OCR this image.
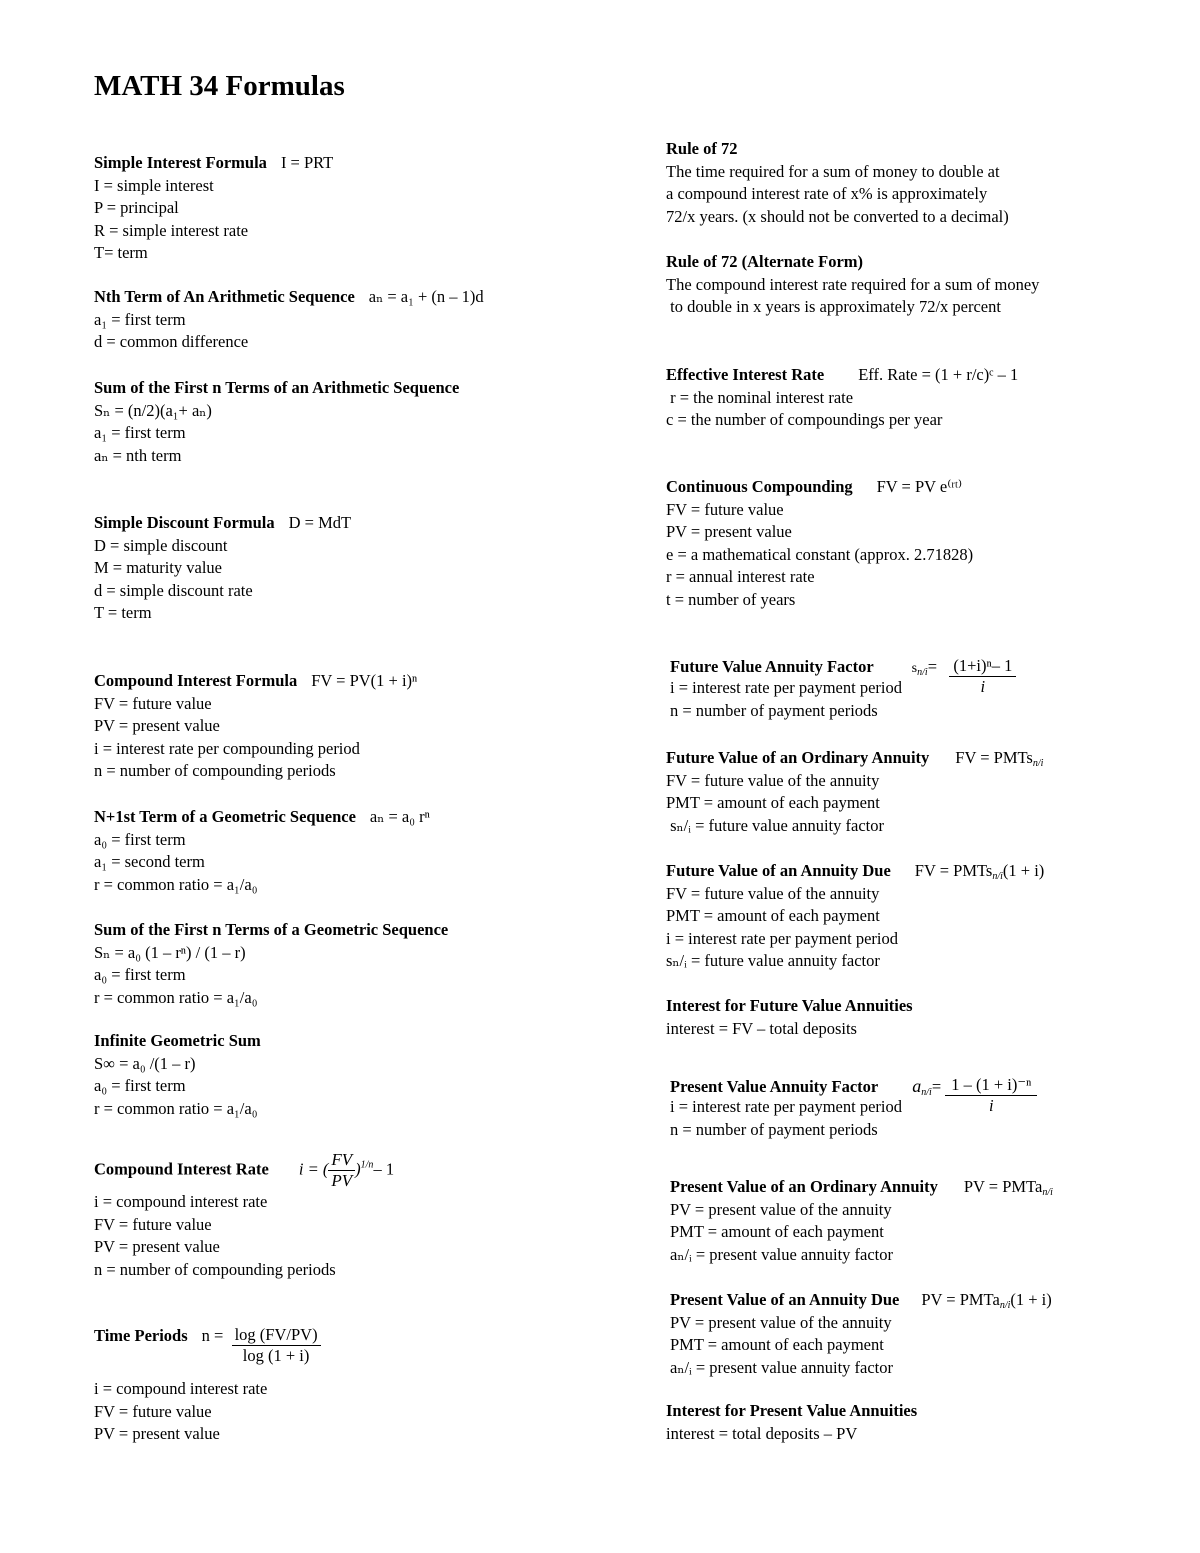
MATH 34 Formulas
Simple Interest Formula I = PRT
I = simple interest
P = principal
R = simple interest rate
T= term
Nth Term of An Arithmetic Sequence aₙ = a₁ + (n – 1)d
a₁ = first term
d = common difference
Sum of the First n Terms of an Arithmetic Sequence
Sₙ = (n/2)(a₁+ aₙ)
a₁ = first term
aₙ = nth term
Simple Discount Formula D = MdT
D = simple discount
M = maturity value
d = simple discount rate
T = term
Compound Interest Formula FV = PV(1 + i)ⁿ
FV = future value
PV = present value
i = interest rate per compounding period
n = number of compounding periods
N+1st Term of a Geometric Sequence aₙ = a₀ rⁿ
a₀ = first term
a₁ = second term
r = common ratio = a₁/a₀
Sum of the First n Terms of a Geometric Sequence
Sₙ = a₀ (1 – rⁿ) / (1 – r)
a₀ = first term
r = common ratio = a₁/a₀
Infinite Geometric Sum
S∞ = a₀ /(1 – r)
a₀ = first term
r = common ratio = a₁/a₀
Compound Interest Rate i = ( $\frac{FV}{PV} )^{1/n}-$ 1
i = compound interest rate
FV = future value
PV = present value
n = number of compounding periods
Time Periods $n = \frac{\log (FV/PV)}{\log (1 + i)}$
i = compound interest rate
FV = future value
PV = present value
Rule of 72
The time required for a sum of money to double at
a compound interest rate of x% is approximately
72/x years. (x should not be converted to a decimal)
Rule of 72 (Alternate Form)
The compound interest rate required for a sum of money
to double in x years is approximately 72/x percent
Effective Interest Rate Eff. Rate = (1 + r/c)ᶜ – 1
r = the nominal interest rate
c = the number of compoundings per year
Continuous Compounding FV = PV e⁽ʳᵗ⁾
FV = future value
PV = present value
e = a mathematical constant (approx. 2.71828)
r = annual interest rate
t = number of years
Future Value Annuity Factor	$s_{n/i}= \frac{\text{(1+i)ⁿ– 1}}{i}$
i = interest rate per payment period
n = number of payment periods
Future Value of an Ordinary Annuity FV = PMTs$_{n/i}$
FV = future value of the annuity
PMT = amount of each payment
sₙ/ᵢ = future value annuity factor
Future Value of an Annuity Due FV = PMTs$_{n/i}$(1 + i)
FV = future value of the annuity
PMT = amount of each payment
i = interest rate per payment period
sₙ/ᵢ = future value annuity factor
Interest for Future Value Annuities
interest = FV – total deposits
Present Value Annuity Factor $a_{n/i}= \frac{\text{1 – (1 + i)⁻ⁿ}}{i}$
i = interest rate per payment period
n = number of payment periods
Present Value of an Ordinary Annuity PV = PMTa$_{n/i}$
PV = present value of the annuity
PMT = amount of each payment
aₙ/ᵢ = present value annuity factor
Present Value of an Annuity Due PV = PMTa$_{n/i}$(1 + i)
PV = present value of the annuity
PMT = amount of each payment
aₙ/ᵢ = present value annuity factor
Interest for Present Value Annuities
interest = total deposits – PV
